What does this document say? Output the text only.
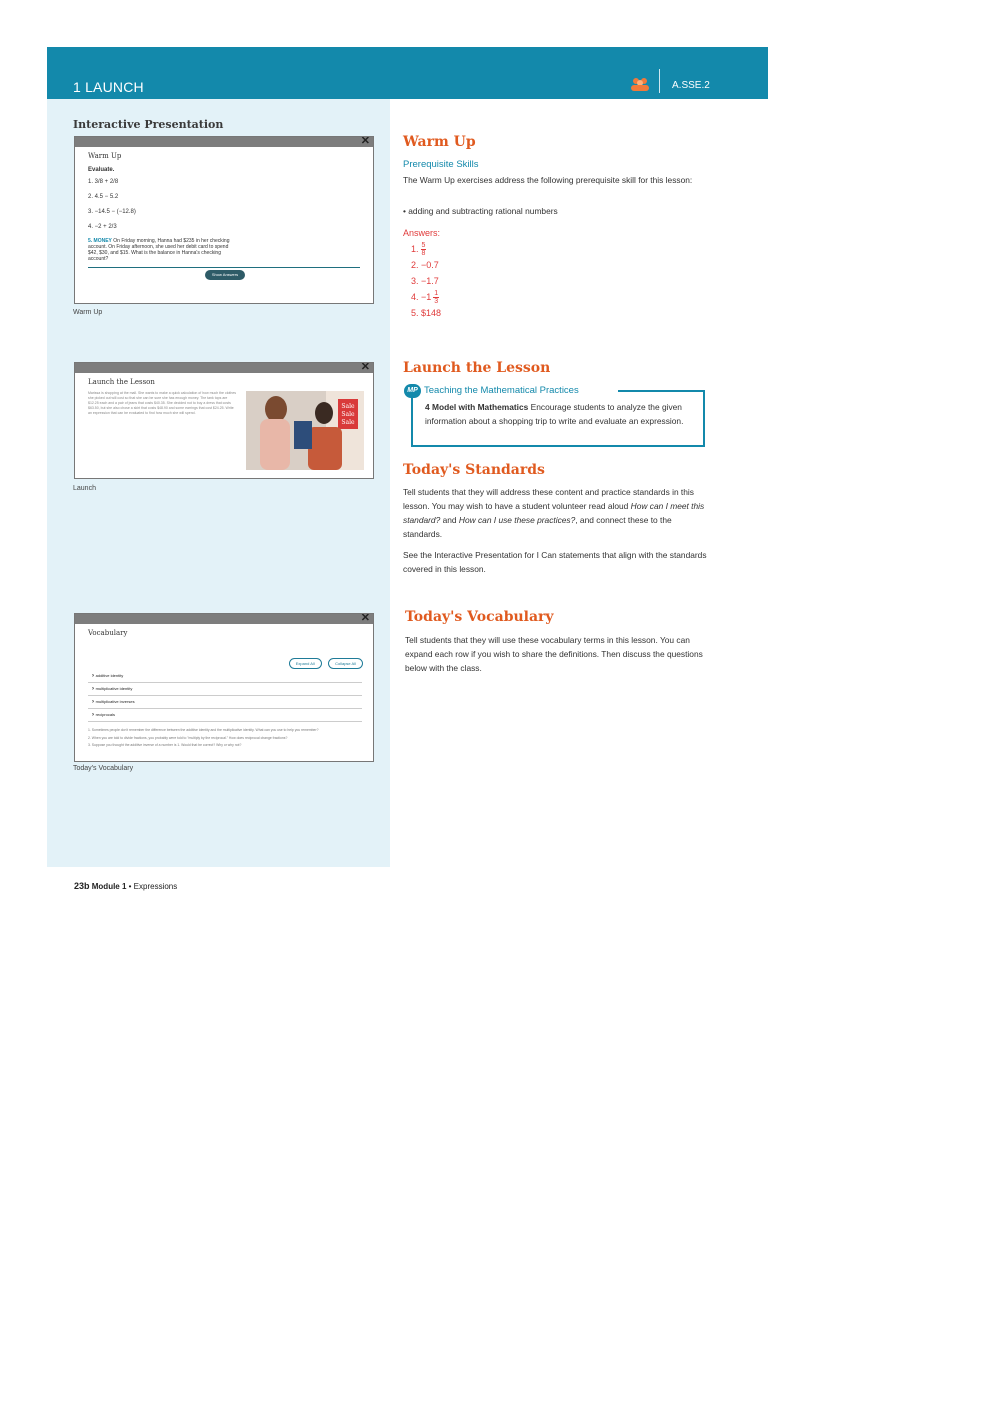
1 LAUNCH	A.SSE.2
Interactive Presentation
✕
Warm Up
Evaluate.
1. 3/8 + 2/8
2. 4.5 − 5.2
3. −14.5 − (−12.8)
4. −2 + 2/3
5. MONEY On Friday morning, Hanna had $235 in her checking account. On Friday afternoon, she used her debit card to spend $42, $30, and $15. What is the balance in Hanna's checking account?
Show Answers
Warm Up
✕
Launch the Lesson
Marissa is shopping at the mall. She wants to make a quick calculation of how much the clothes she picked out will cost so that she can be sure she has enough money. The tank tops are $12.25 each and a pair of jeans that costs $40.35. She decided not to buy a dress that costs $63.50, but she also chose a skirt that costs $48.90 and some earrings that cost $24.25. Write an expression that can be evaluated to find how much she will spend.
Sale
Sale
Sale
Launch
✕
Vocabulary
Expand All	Collapse All
› additive identity
› multiplicative identity
› multiplicative inverses
› reciprocals
1. Sometimes people don't remember the difference between the additive identity and the multiplicative identity. What can you use to help you remember?
2. When you are told to divide fractions, you probably were told to "multiply by the reciprocal." How does reciprocal change fractions?
3. Suppose you thought the additive inverse of a number is 1. Would that be correct? Why or why not?
Today's Vocabulary
Warm Up
Prerequisite Skills
The Warm Up exercises address the following prerequisite skill for this lesson:
• adding and subtracting rational numbers
Answers:
1. $\frac{5}{8}$
2. −0.7
3. −1.7
4. $-1 \frac{1}{3}$
5. $148
Launch the Lesson
MP Teaching the Mathematical Practices
4 Model with Mathematics Encourage students to analyze the given information about a shopping trip to write and evaluate an expression.
Today's Standards
Tell students that they will address these content and practice standards in this lesson. You may wish to have a student volunteer read aloud How can I meet this standard? and How can I use these practices?, and connect these to the standards.
See the Interactive Presentation for I Can statements that align with the standards covered in this lesson.
Today's Vocabulary
Tell students that they will use these vocabulary terms in this lesson. You can expand each row if you wish to share the definitions. Then discuss the questions below with the class.
23b Module 1 • Expressions
